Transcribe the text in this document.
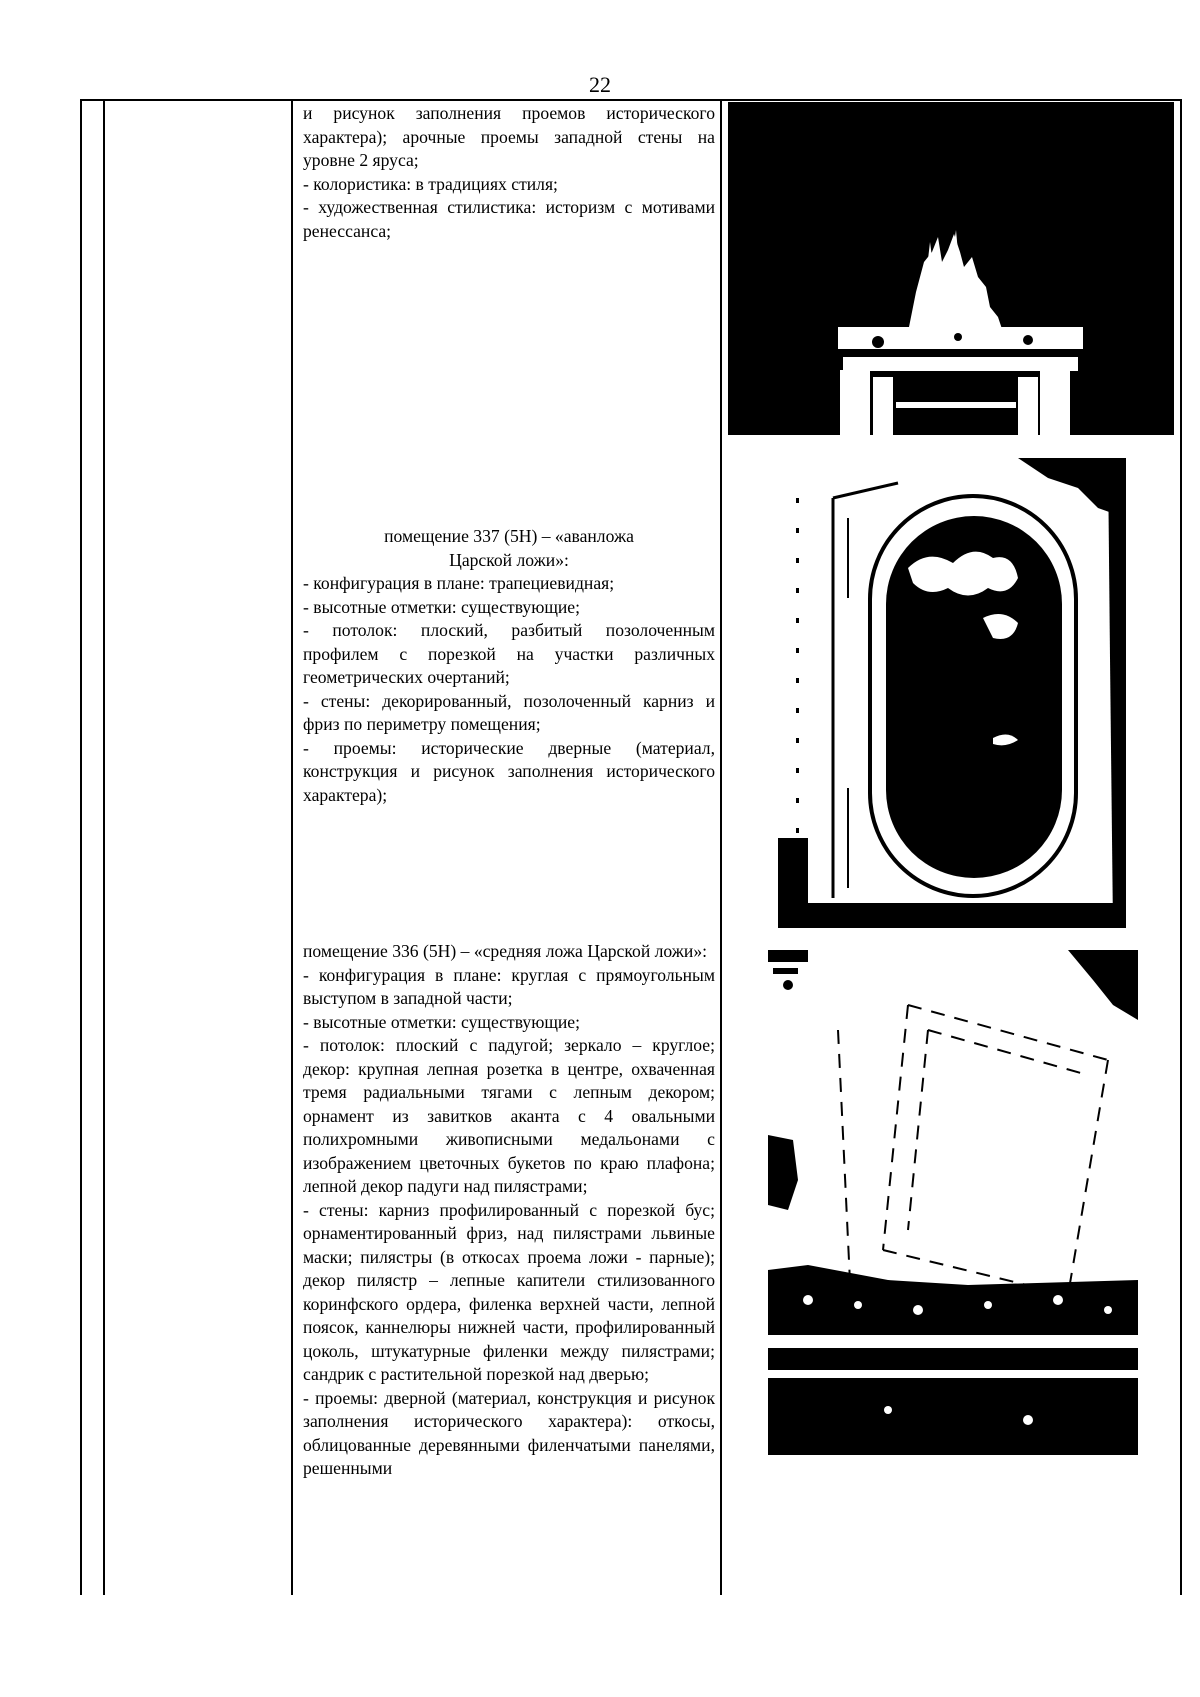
22

и рисунок заполнения проемов исторического характера); арочные проемы западной стены на уровне 2 яруса;

- колористика: в традициях стиля;

- художественная стилистика: историзм с мотивами ренессанса;

помещение 337 (5Н) – «аванложа Царской ложи»:

- конфигурация в плане: трапециевидная;

- высотные отметки: существующие;

- потолок: плоский, разбитый позолоченным профилем с порезкой на участки различных геометрических очертаний;

- стены: декорированный, позолоченный карниз и фриз по периметру помещения;

- проемы: исторические дверные (материал, конструкция и рисунок заполнения исторического характера);

помещение 336 (5Н) – «средняя ложа Царской ложи»:

- конфигурация в плане: круглая с прямоугольным выступом в западной части;

- высотные отметки: существующие;

- потолок: плоский с падугой; зеркало – круглое; декор: крупная лепная розетка в центре, охваченная тремя радиальными тягами с лепным декором; орнамент из завитков аканта с 4 овальными полихромными живописными медальонами с изображением цветочных букетов по краю плафона; лепной декор падуги над пилястрами;

- стены: карниз профилированный с порезкой бус; орнаментированный фриз, над пилястрами львиные маски; пилястры (в откосах проема ложи - парные); декор пилястр – лепные капители стилизованного коринфского ордера, филенка верхней части, лепной поясок, каннелюры нижней части, профилированный цоколь, штукатурные филенки между пилястрами; сандрик с растительной порезкой над дверью;

- проемы: дверной (материал, конструкция и рисунок заполнения исторического характера): откосы, облицованные деревянными филенчатыми панелями, решенными
